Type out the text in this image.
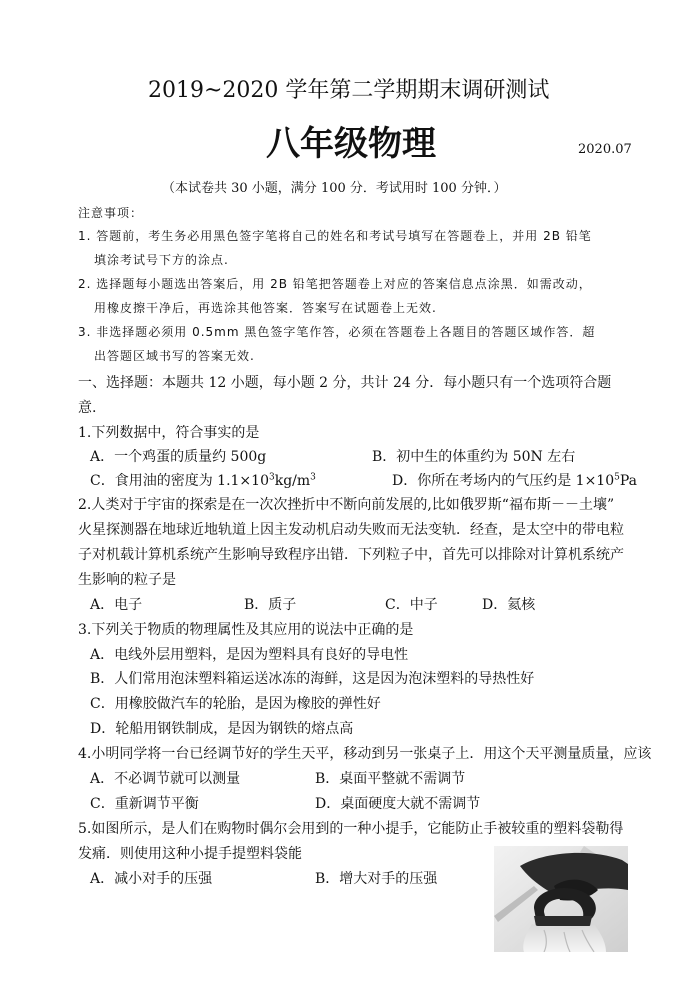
2019~2020 学年第二学期期末调研测试
八年级物理	2020.07
（本试卷共 30 小题，满分 100 分．考试用时 100 分钟．）
注意事项：
1. 答题前，考生务必用黑色签字笔将自己的姓名和考试号填写在答题卷上，并用 2B 铅笔
填涂考试号下方的涂点.
2. 选择题每小题选出答案后，用 2B 铅笔把答题卷上对应的答案信息点涂黑．如需改动，
用橡皮擦干净后，再选涂其他答案．答案写在试题卷上无效.
3. 非选择题必须用 0.5mm 黑色签字笔作答，必须在答题卷上各题目的答题区域作答．超
出答题区域书写的答案无效.
一、选择题：本题共 12 小题，每小题 2 分，共计 24 分．每小题只有一个选项符合题
意.
1.下列数据中，符合事实的是
A．一个鸡蛋的质量约 500g	B．初中生的体重约为 50N 左右
C．食用油的密度为 $1.1\times 10^3kg/m^3$	D．你所在考场内的气压约是 $1\times 10^5Pa$
2.人类对于宇宙的探索是在一次次挫折中不断向前发展的,比如俄罗斯“福布斯－－土壤”
火星探测器在地球近地轨道上因主发动机启动失败而无法变轨．经查，是太空中的带电粒
子对机载计算机系统产生影响导致程序出错．下列粒子中，首先可以排除对计算机系统产
生影响的粒子是
A．电子	B．质子	C．中子	D．氦核
3.下列关于物质的物理属性及其应用的说法中正确的是
A．电线外层用塑料，是因为塑料具有良好的导电性
B．人们常用泡沫塑料箱运送冰冻的海鲜，这是因为泡沫塑料的导热性好
C．用橡胶做汽车的轮胎，是因为橡胶的弹性好
D．轮船用钢铁制成，是因为钢铁的熔点高
4.小明同学将一台已经调节好的学生天平，移动到另一张桌子上．用这个天平测量质量，应该
A．不必调节就可以测量	B．桌面平整就不需调节
C．重新调节平衡	D．桌面硬度大就不需调节
5.如图所示，是人们在购物时偶尔会用到的一种小提手，它能防止手被较重的塑料袋勒得
发痛．则使用这种小提手提塑料袋能
A．减小对手的压强	B．增大对手的压强
